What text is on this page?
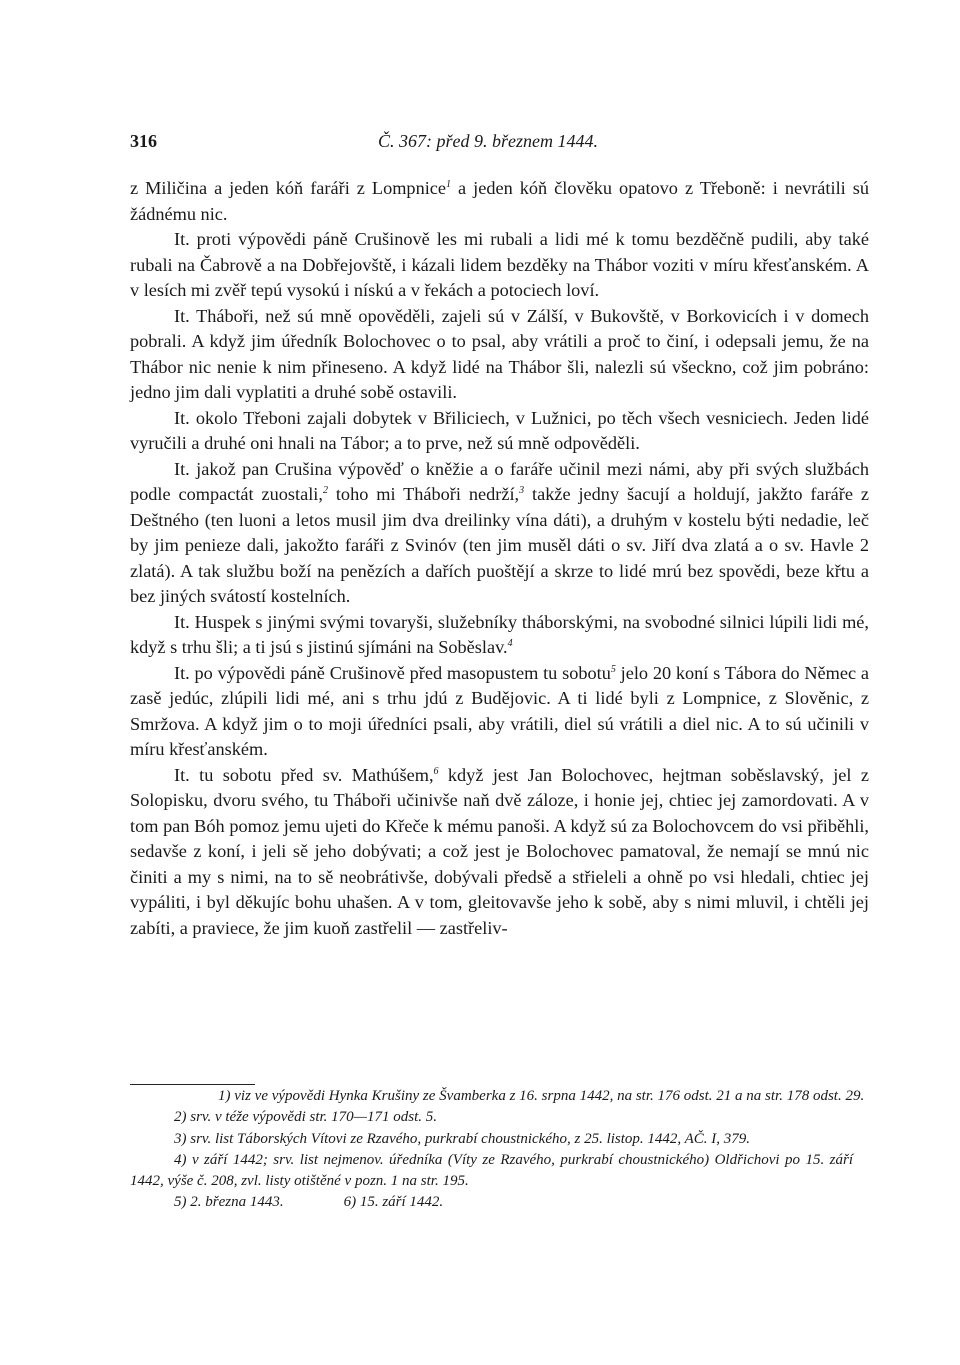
316	Č. 367: před 9. březnem 1444.

z Miličina a jeden kóň faráři z Lompnice$^1$ a jeden kóň člověku opatovo z Třeboně: i nevrátili sú žádnému nic.

It. proti výpovědi páně Crušinově les mi rubali a lidi mé k tomu bezděčně pudili, aby také rubali na Čabrově a na Dobřejovště, i kázali lidem bezděky na Thábor voziti v míru křesťanském. A v lesích mi zvěř tepú vysokú i nískú a v řekách a potociech loví.

It. Tháboři, než sú mně opověděli, zajeli sú v Zálší, v Bukovště, v Borkovicích i v domech pobrali. A když jim úředník Bolochovec o to psal, aby vrátili a proč to činí, i odepsali jemu, že na Thábor nic nenie k nim přineseno. A když lidé na Thábor šli, nalezli sú všeckno, což jim pobráno: jedno jim dali vyplatiti a druhé sobě ostavili.

It. okolo Třeboni zajali dobytek v Břiliciech, v Lužnici, po těch všech vesniciech. Jeden lidé vyručili a druhé oni hnali na Tábor; a to prve, než sú mně odpověděli.

It. jakož pan Crušina výpověď o kněžie a o faráře učinil mezi námi, aby při svých službách podle compactát zuostali,$^2$ toho mi Tháboři nedrží,$^3$ takže jedny šacují a holdují, jakžto faráře z Deštného (ten luoni a letos musil jim dva dreilinky vína dáti), a druhým v kostelu býti nedadie, leč by jim penieze dali, jakožto faráři z Svinóv (ten jim musěl dáti o sv. Jiří dva zlatá a o sv. Havle 2 zlatá). A tak službu boží na penězích a dařích puoštějí a skrze to lidé mrú bez spovědi, beze křtu a bez jiných svátostí kostelních.

It. Huspek s jinými svými tovaryši, služebníky tháborskými, na svobodné silnici lúpili lidi mé, když s trhu šli; a ti jsú s jistinú sjímáni na Soběslav.$^4$

It. po výpovědi páně Crušinově před masopustem tu sobotu$^5$ jelo 20 koní s Tábora do Němec a zasě jedúc, zlúpili lidi mé, ani s trhu jdú z Budějovic. A ti lidé byli z Lompnice, z Slověnic, z Smržova. A když jim o to moji úředníci psali, aby vrátili, diel sú vrátili a diel nic. A to sú učinili v míru křesťanském.

It. tu sobotu před sv. Mathúšem,$^6$ když jest Jan Bolochovec, hejtman soběslavský, jel z Solopisku, dvoru svého, tu Tháboři učinivše naň dvě záloze, i honie jej, chtiec jej zamordovati. A v tom pan Bóh pomoz jemu ujeti do Křeče k mému panoši. A když sú za Bolochovcem do vsi přiběhli, sedavše z koní, i jeli sě jeho dobývati; a což jest je Bolochovec pamatoval, že nemají se mnú nic činiti a my s nimi, na to sě neobrátivše, dobývali předsě a střieleli a ohně po vsi hledali, chtiec jej vypáliti, i byl děkujíc bohu uhašen. A v tom, gleitovavše jeho k sobě, aby s nimi mluvil, i chtěli jej zabíti, a praviece, že jim kuoň zastřelil — zastřeliv-

1) viz ve výpovědi Hynka Krušiny ze Švamberka z 16. srpna 1442, na str. 176 odst. 21 a na str. 178 odst. 29.2) srv. v téže výpovědi str. 170—171 odst. 5.3) srv. list Táborských Vítovi ze Rzavého, purkrabí choustnického, z 25. listop. 1442, AČ. I, 379.4) v září 1442; srv. list nejmenov. úředníka (Víty ze Rzavého, purkrabí choustnického) Oldřichovi po 15. září 1442, výše č. 208, zvl. listy otištěné v pozn. 1 na str. 195.5) 2. března 1443.	6) 15. září 1442.
